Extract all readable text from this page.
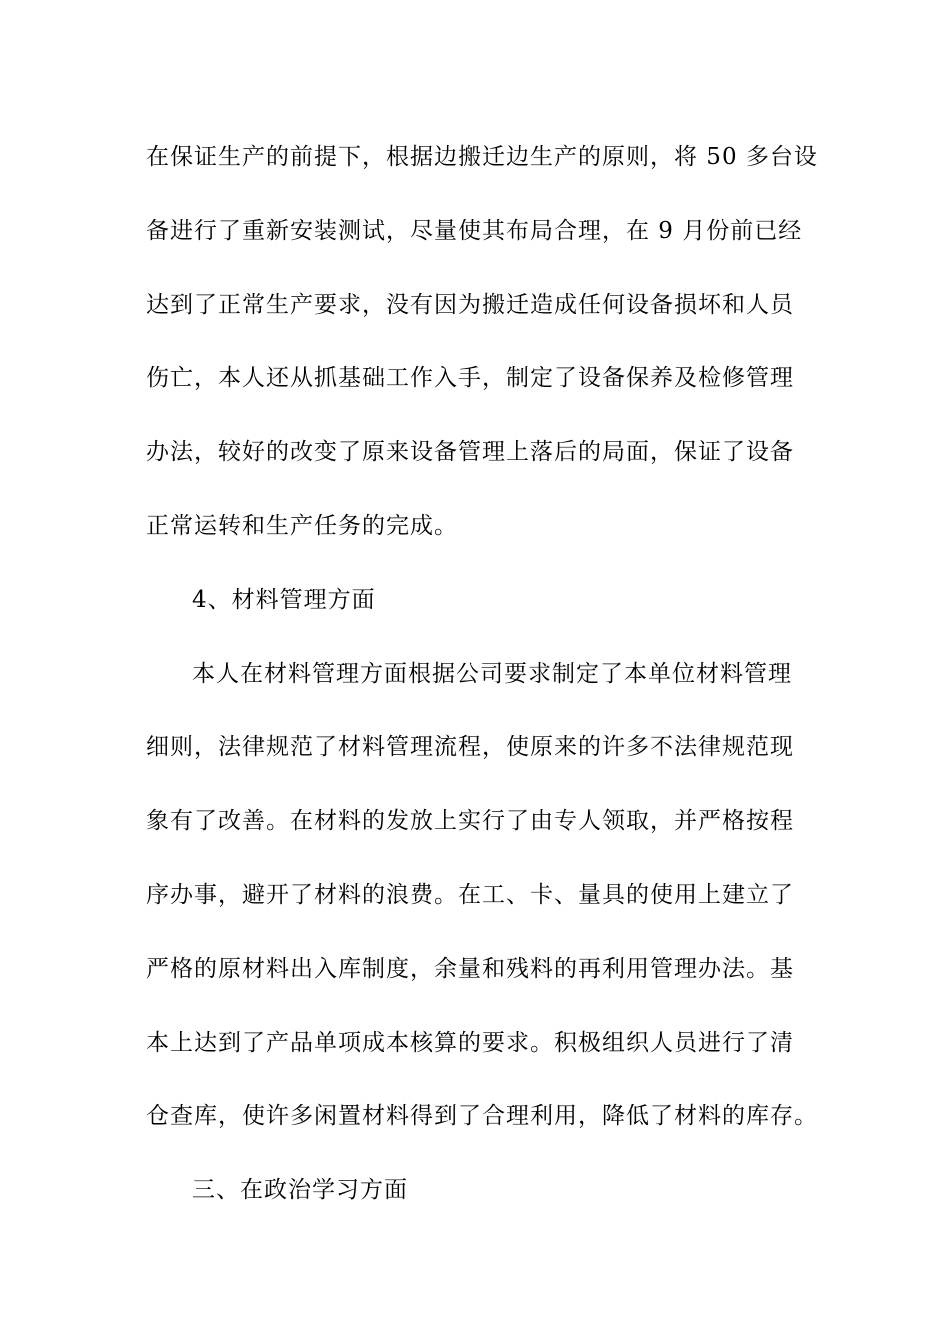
在保证生产的前提下，根据边搬迁边生产的原则，将 50 多台设
备进行了重新安装测试，尽量使其布局合理，在 9 月份前已经
达到了正常生产要求，没有因为搬迁造成任何设备损坏和人员
伤亡，本人还从抓基础工作入手，制定了设备保养及检修管理
办法，较好的改变了原来设备管理上落后的局面，保证了设备
正常运转和生产任务的完成。
4、材料管理方面
本人在材料管理方面根据公司要求制定了本单位材料管理
细则，法律规范了材料管理流程，使原来的许多不法律规范现
象有了改善。在材料的发放上实行了由专人领取，并严格按程
序办事，避开了材料的浪费。在工、卡、量具的使用上建立了
严格的原材料出入库制度，余量和残料的再利用管理办法。基
本上达到了产品单项成本核算的要求。积极组织人员进行了清
仓查库，使许多闲置材料得到了合理利用，降低了材料的库存。
三、在政治学习方面
